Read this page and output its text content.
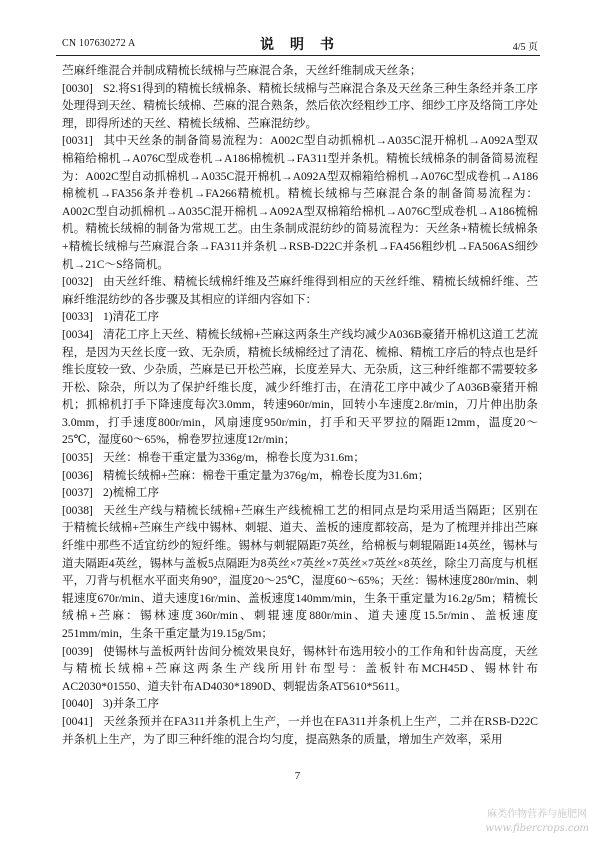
CN 107630272 A	说　明　书	4/5 页

苎麻纤维混合并制成精梳长绒棉与苎麻混合条，天丝纤维制成天丝条；

[0030] S2.将S1得到的精梳长绒棉条、精梳长绒棉与苎麻混合条及天丝条三种生条经并条工序处理得到天丝、精梳长绒棉、苎麻的混合熟条，然后依次经粗纱工序、细纱工序及络筒工序处理，即得所述的天丝、精梳长绒棉、苎麻混纺纱。

[0031] 其中天丝条的制备简易流程为：A002C型自动抓棉机→A035C混开棉机→A092A型双棉箱给棉机→A076C型成卷机→A186棉梳机→FA311型并条机。精梳长绒棉条的制备简易流程为：A002C型自动抓棉机→A035C混开棉机→A092A型双棉箱给棉机→A076C型成卷机→A186棉梳机→FA356条并卷机→FA266精梳机。精梳长绒棉与苎麻混合条的制备简易流程为：A002C型自动抓棉机→A035C混开棉机→A092A型双棉箱给棉机→A076C型成卷机→A186梳棉机。精梳长绒棉的制备为常规工艺。由生条制成混纺纱的简易流程为：天丝条+精梳长绒棉条+精梳长绒棉与苎麻混合条→FA311并条机→RSB-D22C并条机→FA456粗纱机→FA506AS细纱机→21C～S络筒机。

[0032] 由天丝纤维、精梳长绒棉纤维及苎麻纤维得到相应的天丝纤维、精梳长绒棉纤维、苎麻纤维混纺纱的各步骤及其相应的详细内容如下：

[0033] 1)清花工序

[0034] 清花工序上天丝、精梳长绒棉+苎麻这两条生产线均减少A036B豪猪开棉机这道工艺流程，是因为天丝长度一致、无杂质，精梳长绒棉经过了清花、梳棉、精梳工序后的特点也是纤维长度较一致、少杂质，苎麻是已开松苎麻，长度差异大、无杂质，这三种纤维都不需要较多开松、除杂，所以为了保护纤维长度，减少纤维打击，在清花工序中减少了A036B豪猪开棉机；抓棉机打手下降速度每次3.0mm，转速960r/min，回转小车速度2.8r/min，刀片伸出肋条3.0mm，打手速度800r/min，风扇速度950r/min，打手和天平罗拉的隔距12mm，温度20～25℃，湿度60～65%，棉卷罗拉速度12r/min；

[0035] 天丝：棉卷干重定量为336g/m，棉卷长度为31.6m；

[0036] 精梳长绒棉+苎麻：棉卷干重定量为376g/m，棉卷长度为31.6m；

[0037] 2)梳棉工序

[0038] 天丝生产线与精梳长绒棉+苎麻生产线梳棉工艺的相同点是均采用适当隔距；区别在于精梳长绒棉+苎麻生产线中锡林、刺辊、道夫、盖板的速度都较高，是为了梳理并排出苎麻纤维中那些不适宜纺纱的短纤维。锡林与刺辊隔距7英丝，给棉板与刺辊隔距14英丝，锡林与道夫隔距4英丝，锡林与盖板5点隔距为8英丝×7英丝×7英丝×7英丝×8英丝，除尘刀高度与机框平，刀背与机框水平面夹角90°，温度20～25℃，湿度60～65%；天丝：锡林速度280r/min、刺辊速度670r/min、道夫速度16r/min、盖板速度140mm/min，生条干重定量为16.2g/5m；精梳长绒棉+苎麻：锡林速度360r/min、刺辊速度880r/min、道夫速度15.5r/min、盖板速度251mm/min，生条干重定量为19.15g/5m；

[0039] 使锡林与盖板两针齿间分梳效果良好，锡林针布选用较小的工作角和针齿高度，天丝与精梳长绒棉+苎麻这两条生产线所用针布型号：盖板针布MCH45D、锡林针布AC2030*01550、道夫针布AD4030*1890D、刺辊齿条AT5610*5611。

[0040] 3)并条工序

[0041] 天丝条预并在FA311并条机上生产，一并也在FA311并条机上生产，二并在RSB-D22C并条机上生产，为了即三种纤维的混合均匀度，提高熟条的质量，增加生产效率，采用

7
麻类作物营养与施肥网
www.fibercrops.com
